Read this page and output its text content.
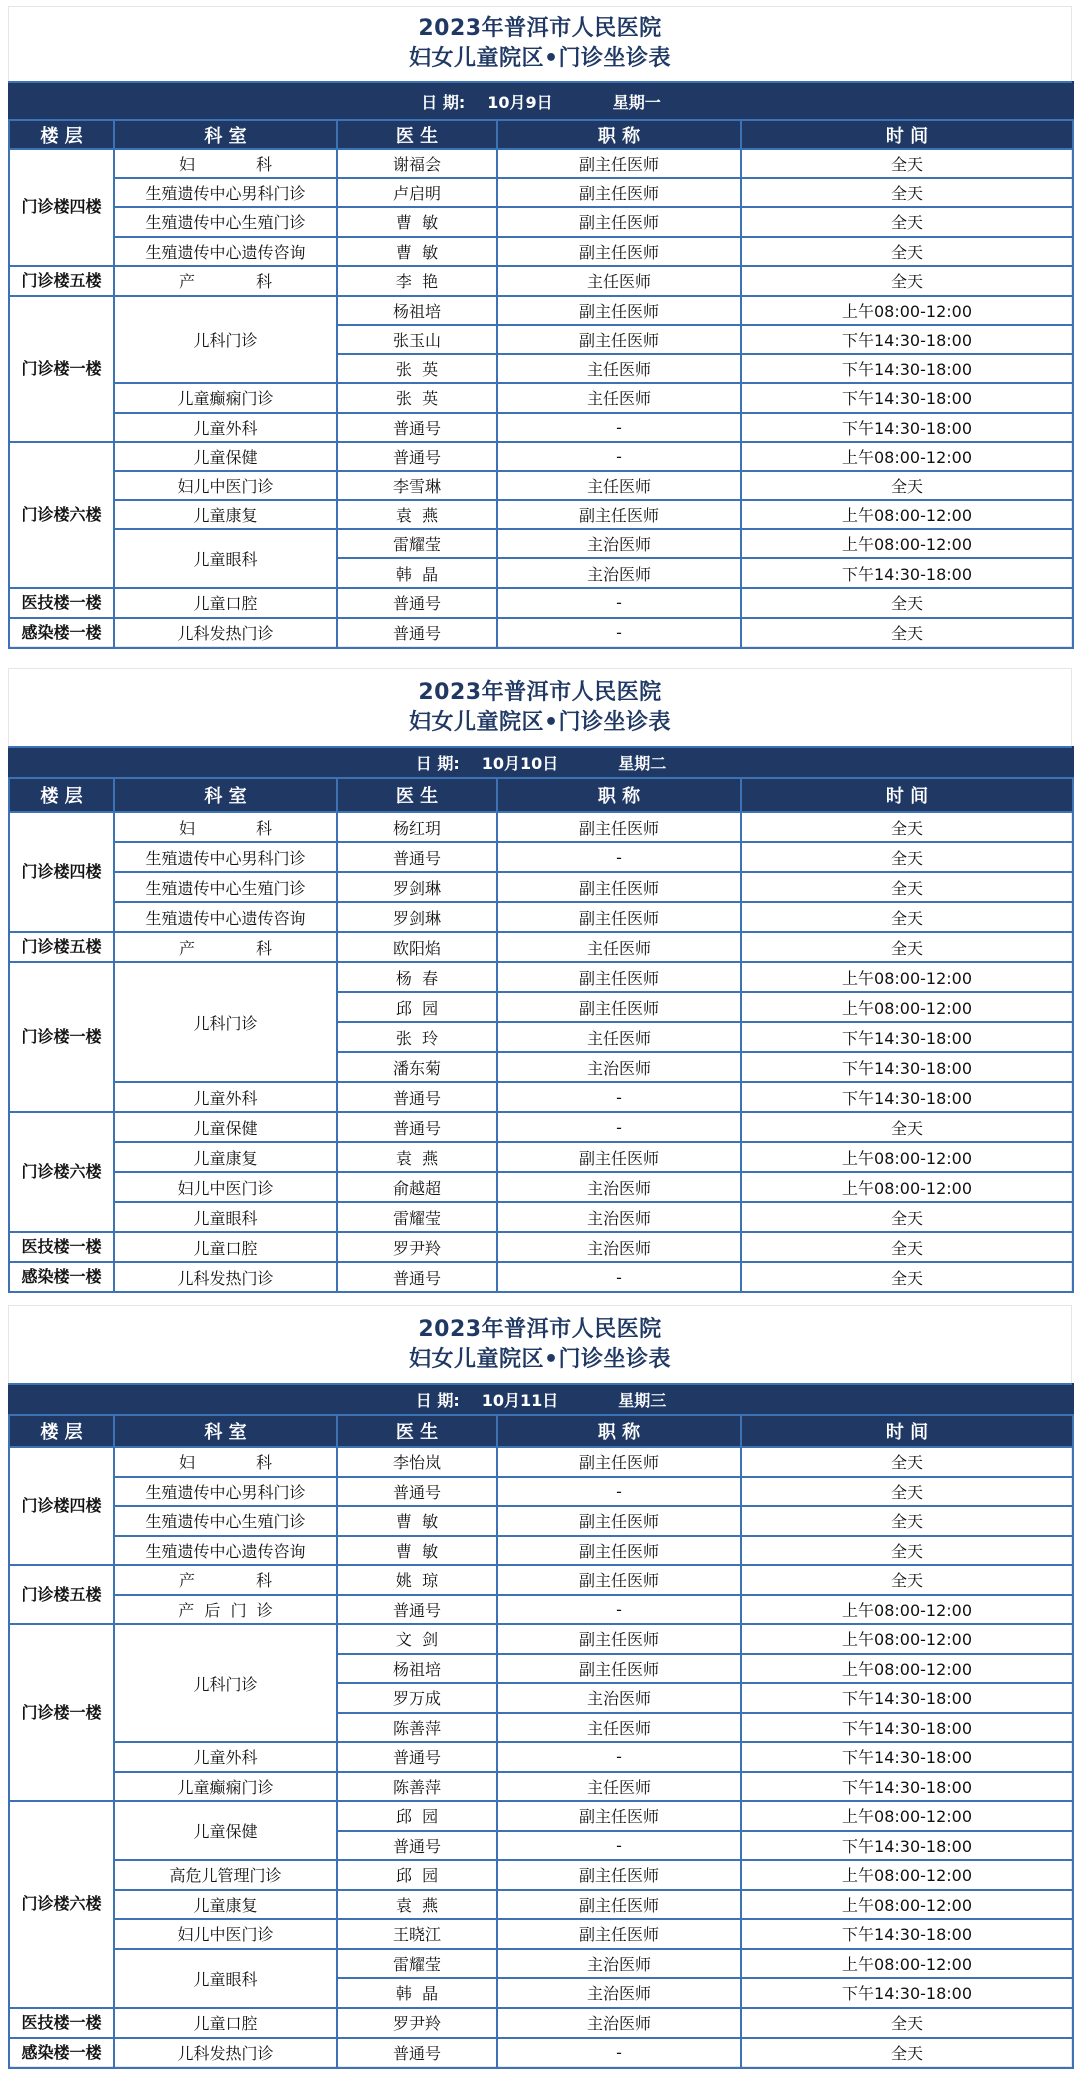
2023年普洱市人民医院
妇女儿童院区•门诊坐诊表
日 期: 10月9日 星期一				

楼 层	科 室	医 生	职 称	时 间
门诊楼四楼	妇            科	谢福会	副主任医师	全天
	生殖遗传中心男科门诊	卢启明	副主任医师	全天
	生殖遗传中心生殖门诊	曹  敏	副主任医师	全天
	生殖遗传中心遗传咨询	曹  敏	副主任医师	全天
门诊楼五楼	产            科	李  艳	主任医师	全天
门诊楼一楼	儿科门诊	杨祖培	副主任医师	上午08:00-12:00
		张玉山	副主任医师	下午14:30-18:00
		张  英	主任医师	下午14:30-18:00
	儿童癫痫门诊	张  英	主任医师	下午14:30-18:00
	儿童外科	普通号	-	下午14:30-18:00
门诊楼六楼	儿童保健	普通号	-	上午08:00-12:00
	妇儿中医门诊	李雪琳	主任医师	全天
	儿童康复	袁  燕	副主任医师	上午08:00-12:00
	儿童眼科	雷耀莹	主治医师	上午08:00-12:00
		韩  晶	主治医师	下午14:30-18:00
医技楼一楼	儿童口腔	普通号	-	全天
感染楼一楼	儿科发热门诊	普通号	-	全天
2023年普洱市人民医院
妇女儿童院区•门诊坐诊表
日 期: 10月10日 星期二				

楼 层	科 室	医 生	职 称	时 间
门诊楼四楼	妇            科	杨红玥	副主任医师	全天
	生殖遗传中心男科门诊	普通号	-	全天
	生殖遗传中心生殖门诊	罗剑琳	副主任医师	全天
	生殖遗传中心遗传咨询	罗剑琳	副主任医师	全天
门诊楼五楼	产            科	欧阳焰	主任医师	全天
门诊楼一楼	儿科门诊	杨  春	副主任医师	上午08:00-12:00
		邱  园	副主任医师	上午08:00-12:00
		张  玲	主任医师	下午14:30-18:00
		潘东菊	主治医师	下午14:30-18:00
	儿童外科	普通号	-	下午14:30-18:00
门诊楼六楼	儿童保健	普通号	-	全天
	儿童康复	袁  燕	副主任医师	上午08:00-12:00
	妇儿中医门诊	俞越超	主治医师	上午08:00-12:00
	儿童眼科	雷耀莹	主治医师	全天
医技楼一楼	儿童口腔	罗尹羚	主治医师	全天
感染楼一楼	儿科发热门诊	普通号	-	全天
2023年普洱市人民医院
妇女儿童院区•门诊坐诊表
日 期: 10月11日 星期三				

楼 层	科 室	医 生	职 称	时 间
门诊楼四楼	妇            科	李怡岚	副主任医师	全天
	生殖遗传中心男科门诊	普通号	-	全天
	生殖遗传中心生殖门诊	曹  敏	副主任医师	全天
	生殖遗传中心遗传咨询	曹  敏	副主任医师	全天
门诊楼五楼	产            科	姚  琼	副主任医师	全天
	产  后  门  诊	普通号	-	上午08:00-12:00
门诊楼一楼	儿科门诊	文  剑	副主任医师	上午08:00-12:00
		杨祖培	副主任医师	上午08:00-12:00
		罗万成	主治医师	下午14:30-18:00
		陈善萍	主任医师	下午14:30-18:00
	儿童外科	普通号	-	下午14:30-18:00
	儿童癫痫门诊	陈善萍	主任医师	下午14:30-18:00
门诊楼六楼	儿童保健	邱  园	副主任医师	上午08:00-12:00
		普通号	-	下午14:30-18:00
	高危儿管理门诊	邱  园	副主任医师	上午08:00-12:00
	儿童康复	袁  燕	副主任医师	上午08:00-12:00
	妇儿中医门诊	王晓江	副主任医师	下午14:30-18:00
	儿童眼科	雷耀莹	主治医师	上午08:00-12:00
		韩  晶	主治医师	下午14:30-18:00
医技楼一楼	儿童口腔	罗尹羚	主治医师	全天
感染楼一楼	儿科发热门诊	普通号	-	全天
